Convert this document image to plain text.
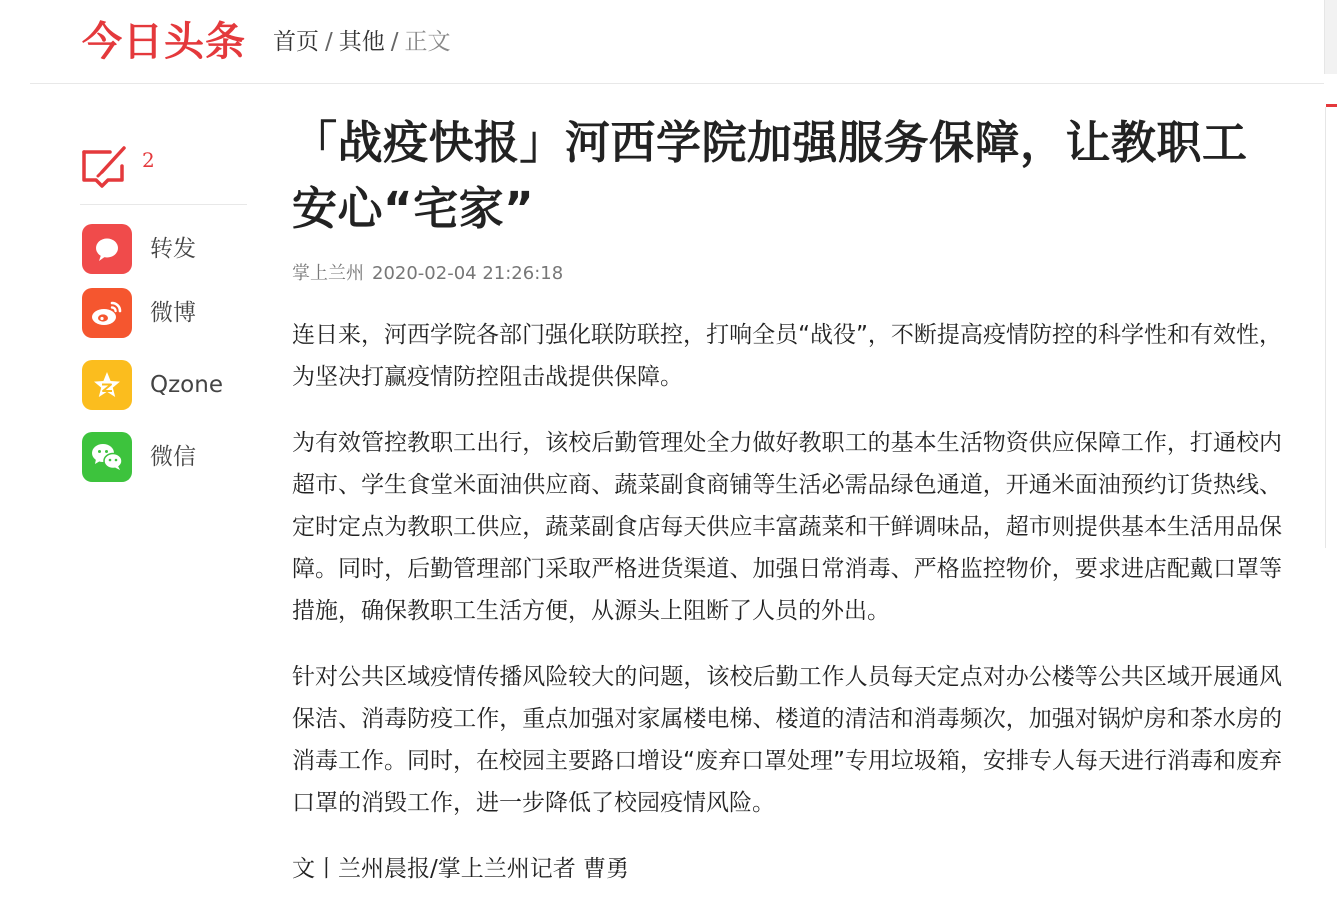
今日头条 首页 / 其他 / 正文
2
转发
微博
Qzone
微信
「战疫快报」河西学院加强服务保障，让教职工安心“宅家”
掌上兰州 2020-02-04 21:26:18

连日来，河西学院各部门强化联防联控，打响全员“战役”，不断提高疫情防控的科学性和有效性，为坚决打赢疫情防控阻击战提供保障。

为有效管控教职工出行，该校后勤管理处全力做好教职工的基本生活物资供应保障工作，打通校内超市、学生食堂米面油供应商、蔬菜副食商铺等生活必需品绿色通道，开通米面油预约订货热线、定时定点为教职工供应，蔬菜副食店每天供应丰富蔬菜和干鲜调味品，超市则提供基本生活用品保障。同时，后勤管理部门采取严格进货渠道、加强日常消毒、严格监控物价，要求进店配戴口罩等措施，确保教职工生活方便，从源头上阻断了人员的外出。

针对公共区域疫情传播风险较大的问题，该校后勤工作人员每天定点对办公楼等公共区域开展通风保洁、消毒防疫工作，重点加强对家属楼电梯、楼道的清洁和消毒频次，加强对锅炉房和茶水房的消毒工作。同时，在校园主要路口增设“废弃口罩处理”专用垃圾箱，安排专人每天进行消毒和废弃口罩的消毁工作，进一步降低了校园疫情风险。

文丨兰州晨报/掌上兰州记者 曹勇
